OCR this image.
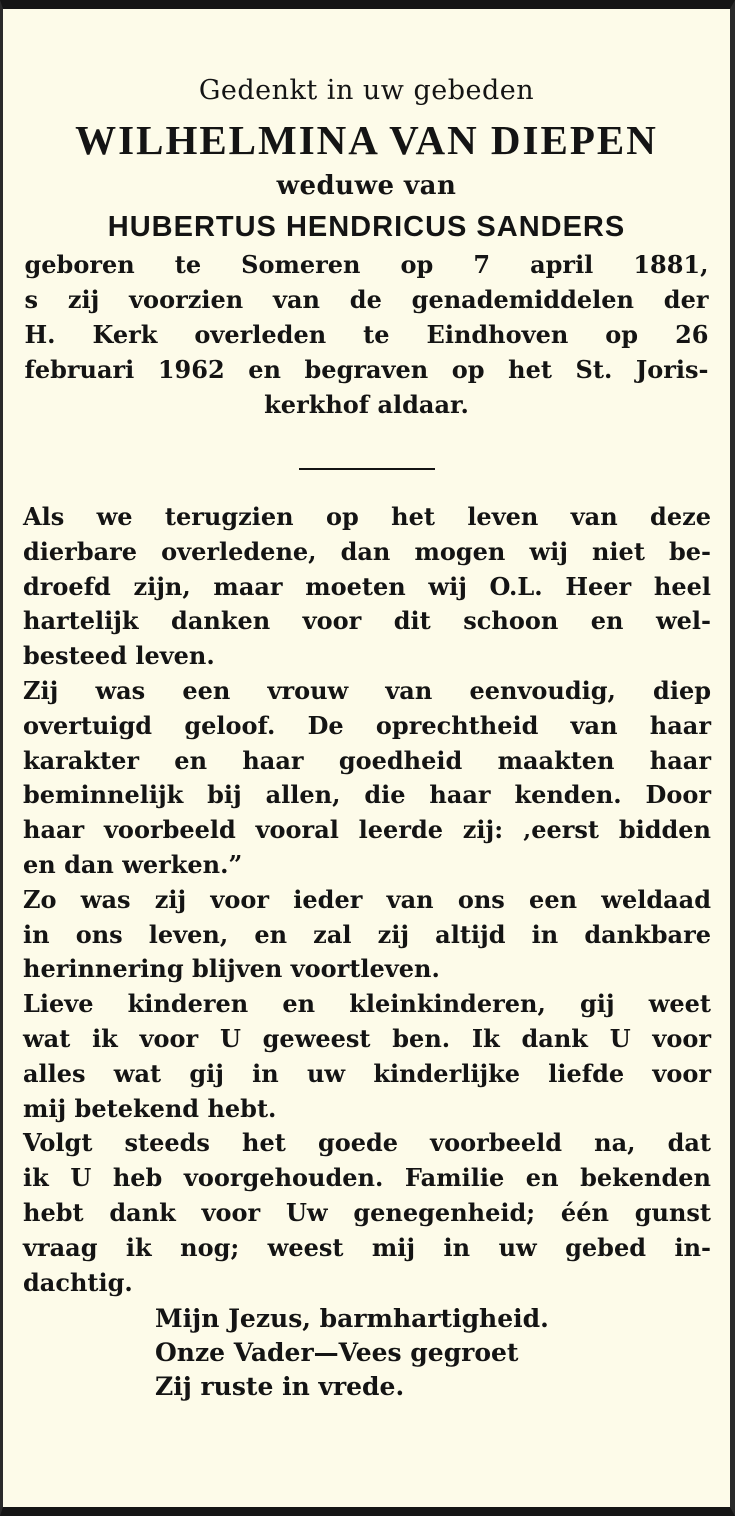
Gedenkt in uw gebeden
WILHELMINA VAN DIEPEN
weduwe van
HUBERTUS HENDRICUS SANDERS
geboren te Someren op 7 april 1881,
s zij voorzien van de genademiddelen der
H. Kerk overleden te Eindhoven op 26
februari 1962 en begraven op het St. Joris-
kerkhof aldaar.
Als we terugzien op het leven van deze
dierbare overledene, dan mogen wij niet be-
droefd zijn, maar moeten wij O.L. Heer heel
hartelijk danken voor dit schoon en wel-
besteed leven.
Zij was een vrouw van eenvoudig, diep
overtuigd geloof. De oprechtheid van haar
karakter en haar goedheid maakten haar
beminnelijk bij allen, die haar kenden. Door
haar voorbeeld vooral leerde zij: ‚eerst bidden
en dan werken.”
Zo was zij voor ieder van ons een weldaad
in ons leven, en zal zij altijd in dankbare
herinnering blijven voortleven.
Lieve kinderen en kleinkinderen, gij weet
wat ik voor U geweest ben. Ik dank U voor
alles wat gij in uw kinderlijke liefde voor
mij betekend hebt.
Volgt steeds het goede voorbeeld na, dat
ik U heb voorgehouden. Familie en bekenden
hebt dank voor Uw genegenheid; één gunst
vraag ik nog; weest mij in uw gebed in-
dachtig.
Mijn Jezus, barmhartigheid.
Onze Vader—Vees gegroet
Zij ruste in vrede.
